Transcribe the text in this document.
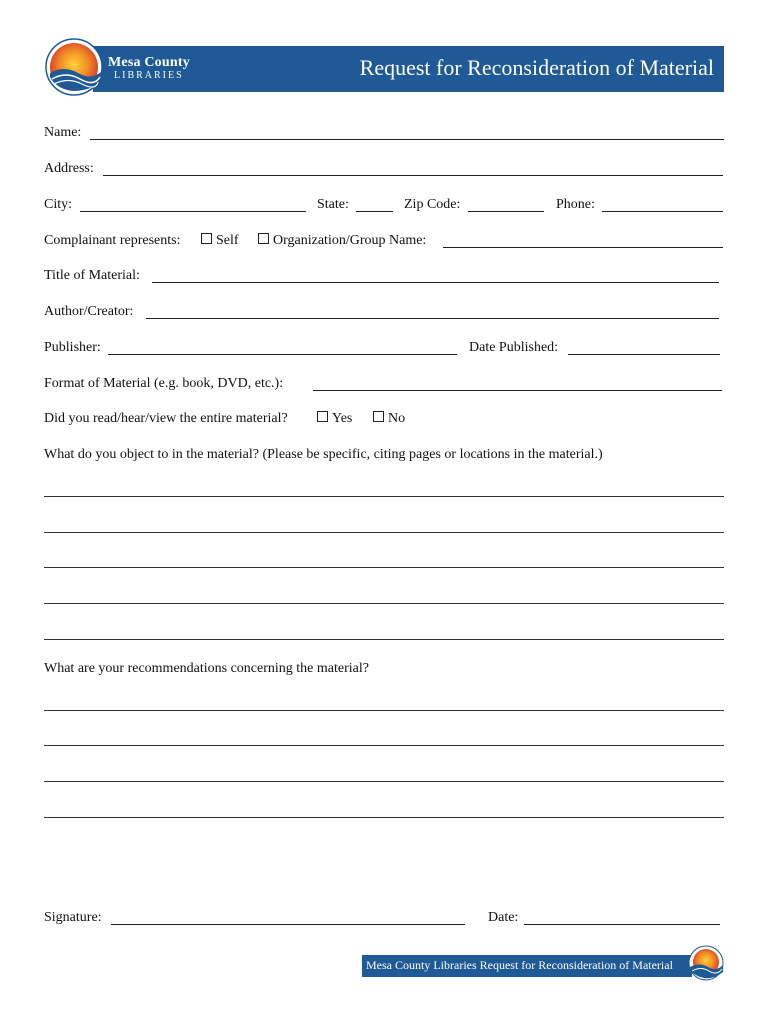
Request for Reconsideration of Material
Mesa County
LIBRARIES
Name:
Address:
City:	State:	Zip Code:	Phone:
Complainant represents:	Self	Organization/Group Name:
Title of Material:
Author/Creator:
Publisher:	Date Published:
Format of Material (e.g. book, DVD, etc.):
Did you read/hear/view the entire material?	Yes	No
What do you object to in the material? (Please be specific, citing pages or locations in the material.)
What are your recommendations concerning the material?
Signature:	Date:
Mesa County Libraries Request for Reconsideration of Material
